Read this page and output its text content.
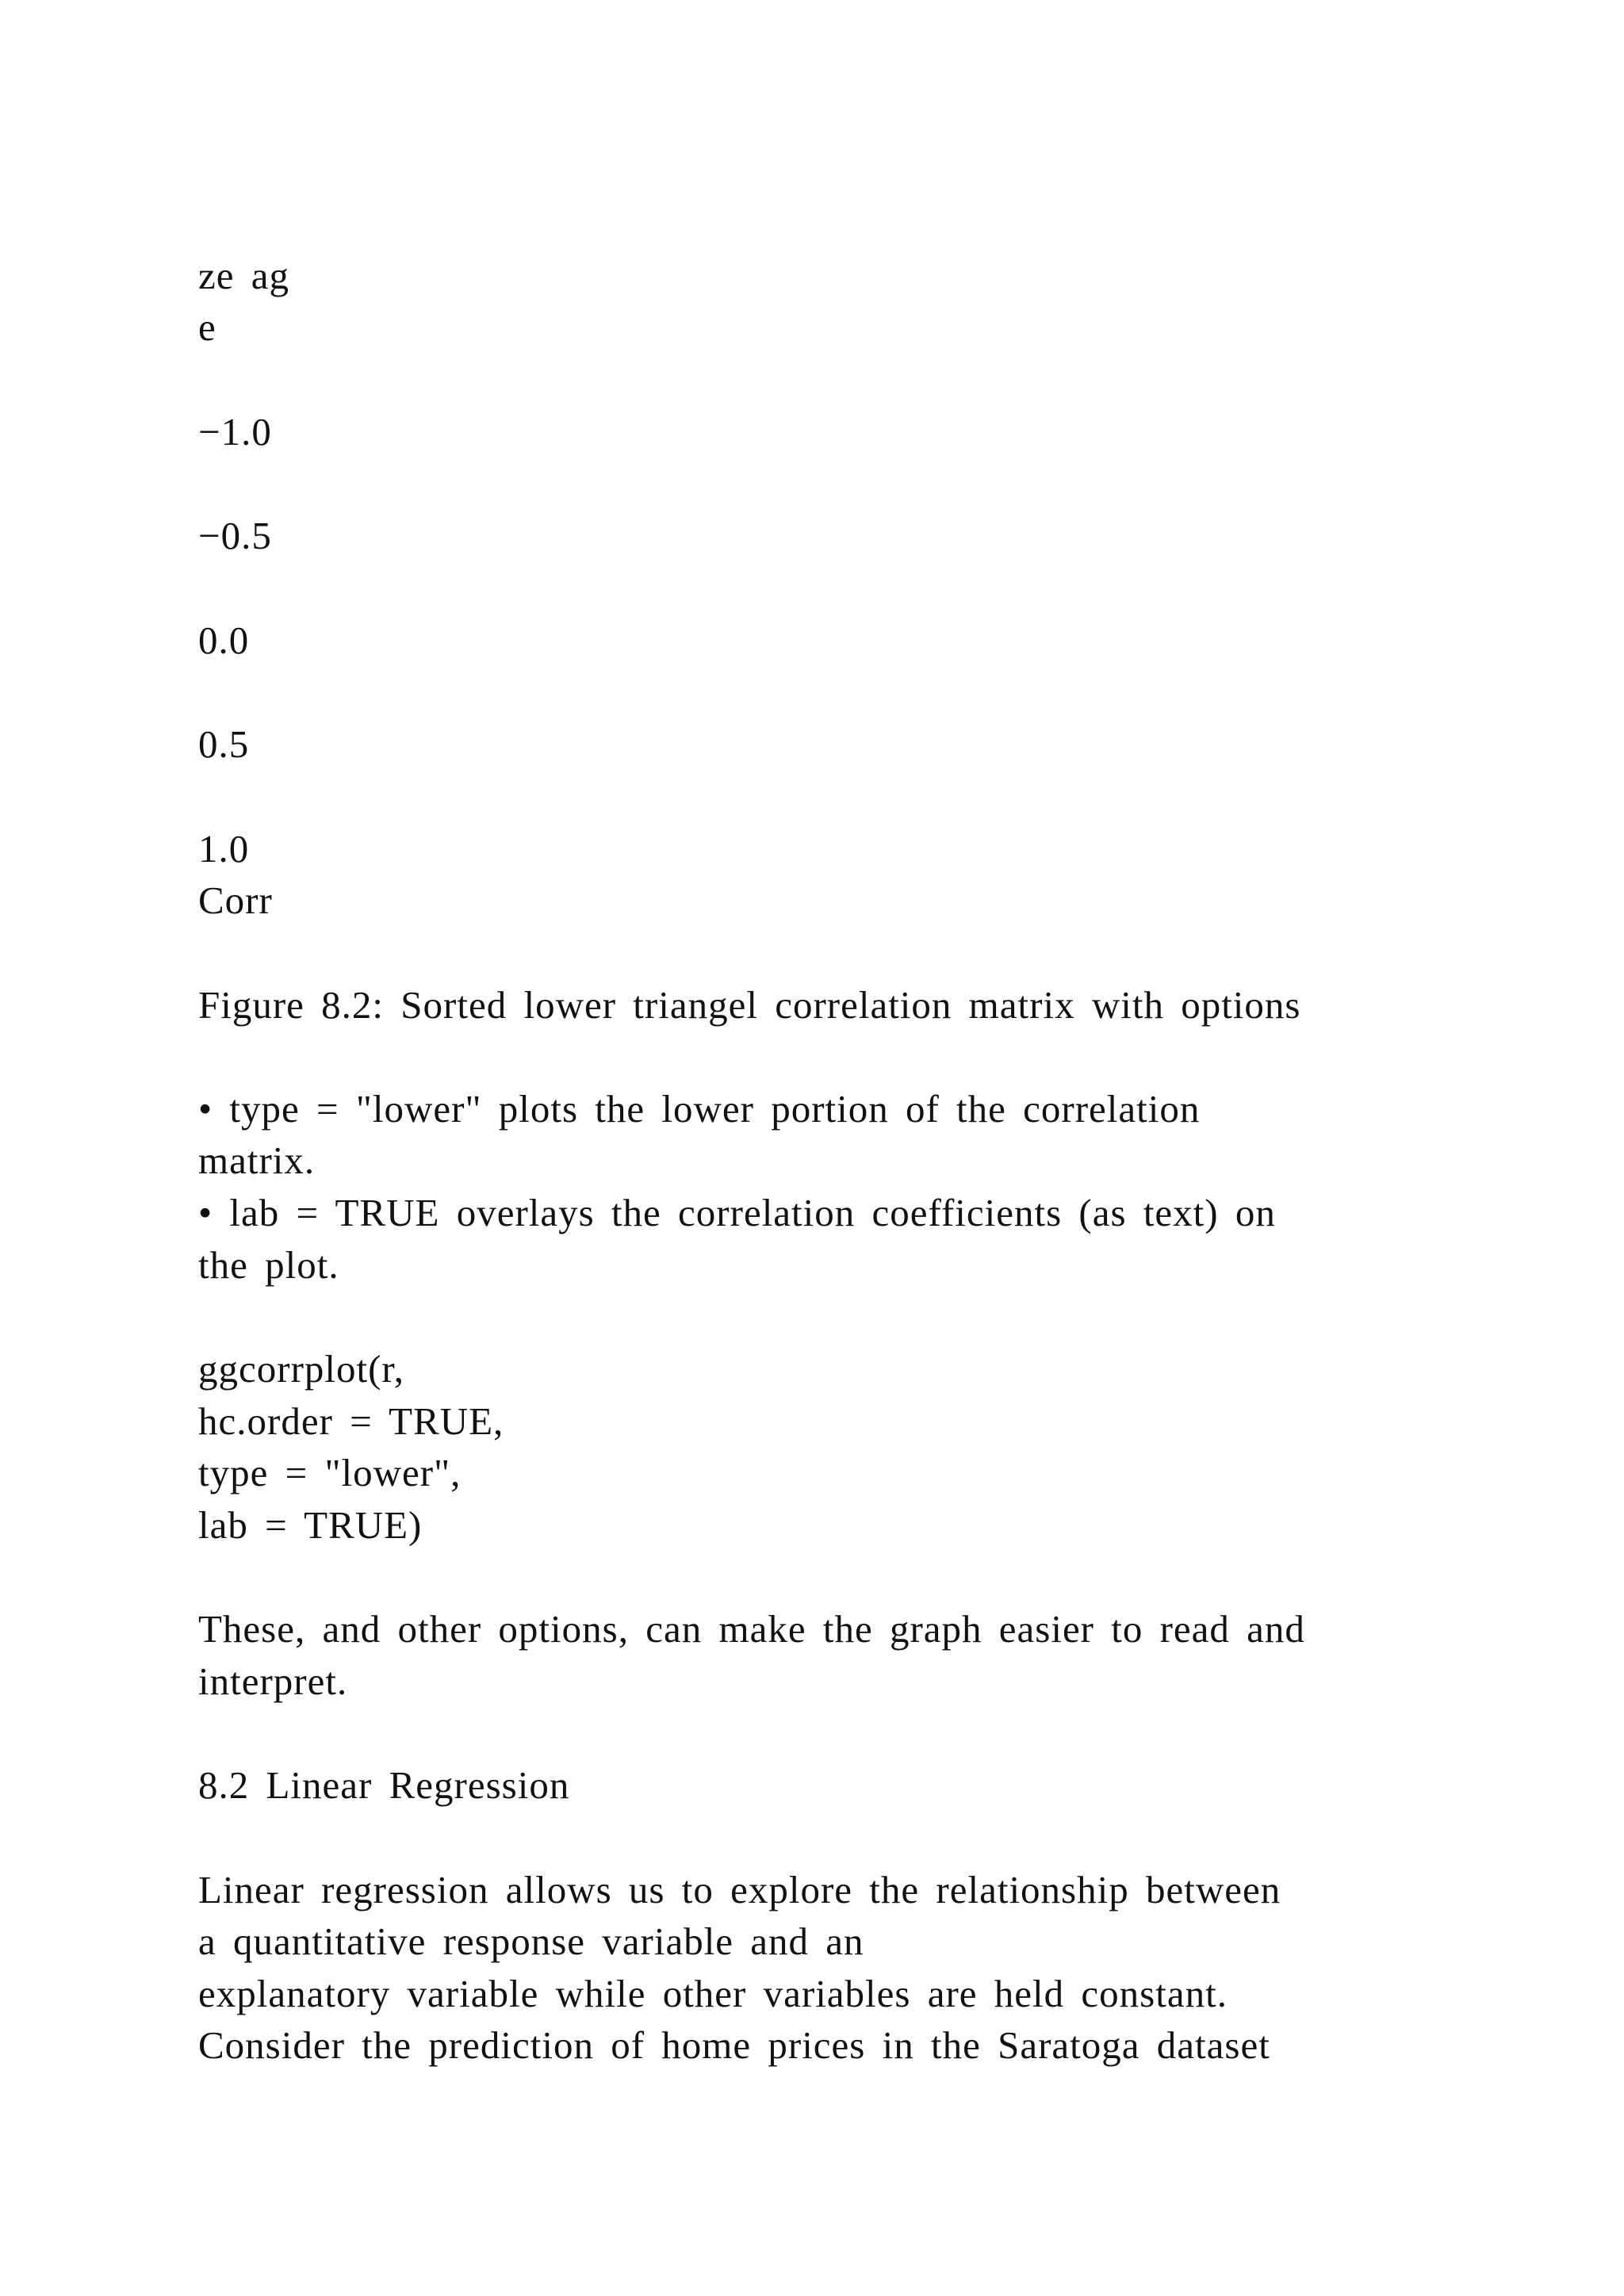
ze ag
e
−1.0
−0.5
0.0
0.5
1.0
Corr
Figure 8.2: Sorted lower triangel correlation matrix with options
• type = "lower" plots the lower portion of the correlation
matrix.
• lab = TRUE overlays the correlation coefficients (as text) on
the plot.
ggcorrplot(r,
hc.order = TRUE,
type = "lower",
lab = TRUE)
These, and other options, can make the graph easier to read and
interpret.
8.2 Linear Regression
Linear regression allows us to explore the relationship between
a quantitative response variable and an
explanatory variable while other variables are held constant.
Consider the prediction of home prices in the Saratoga dataset
